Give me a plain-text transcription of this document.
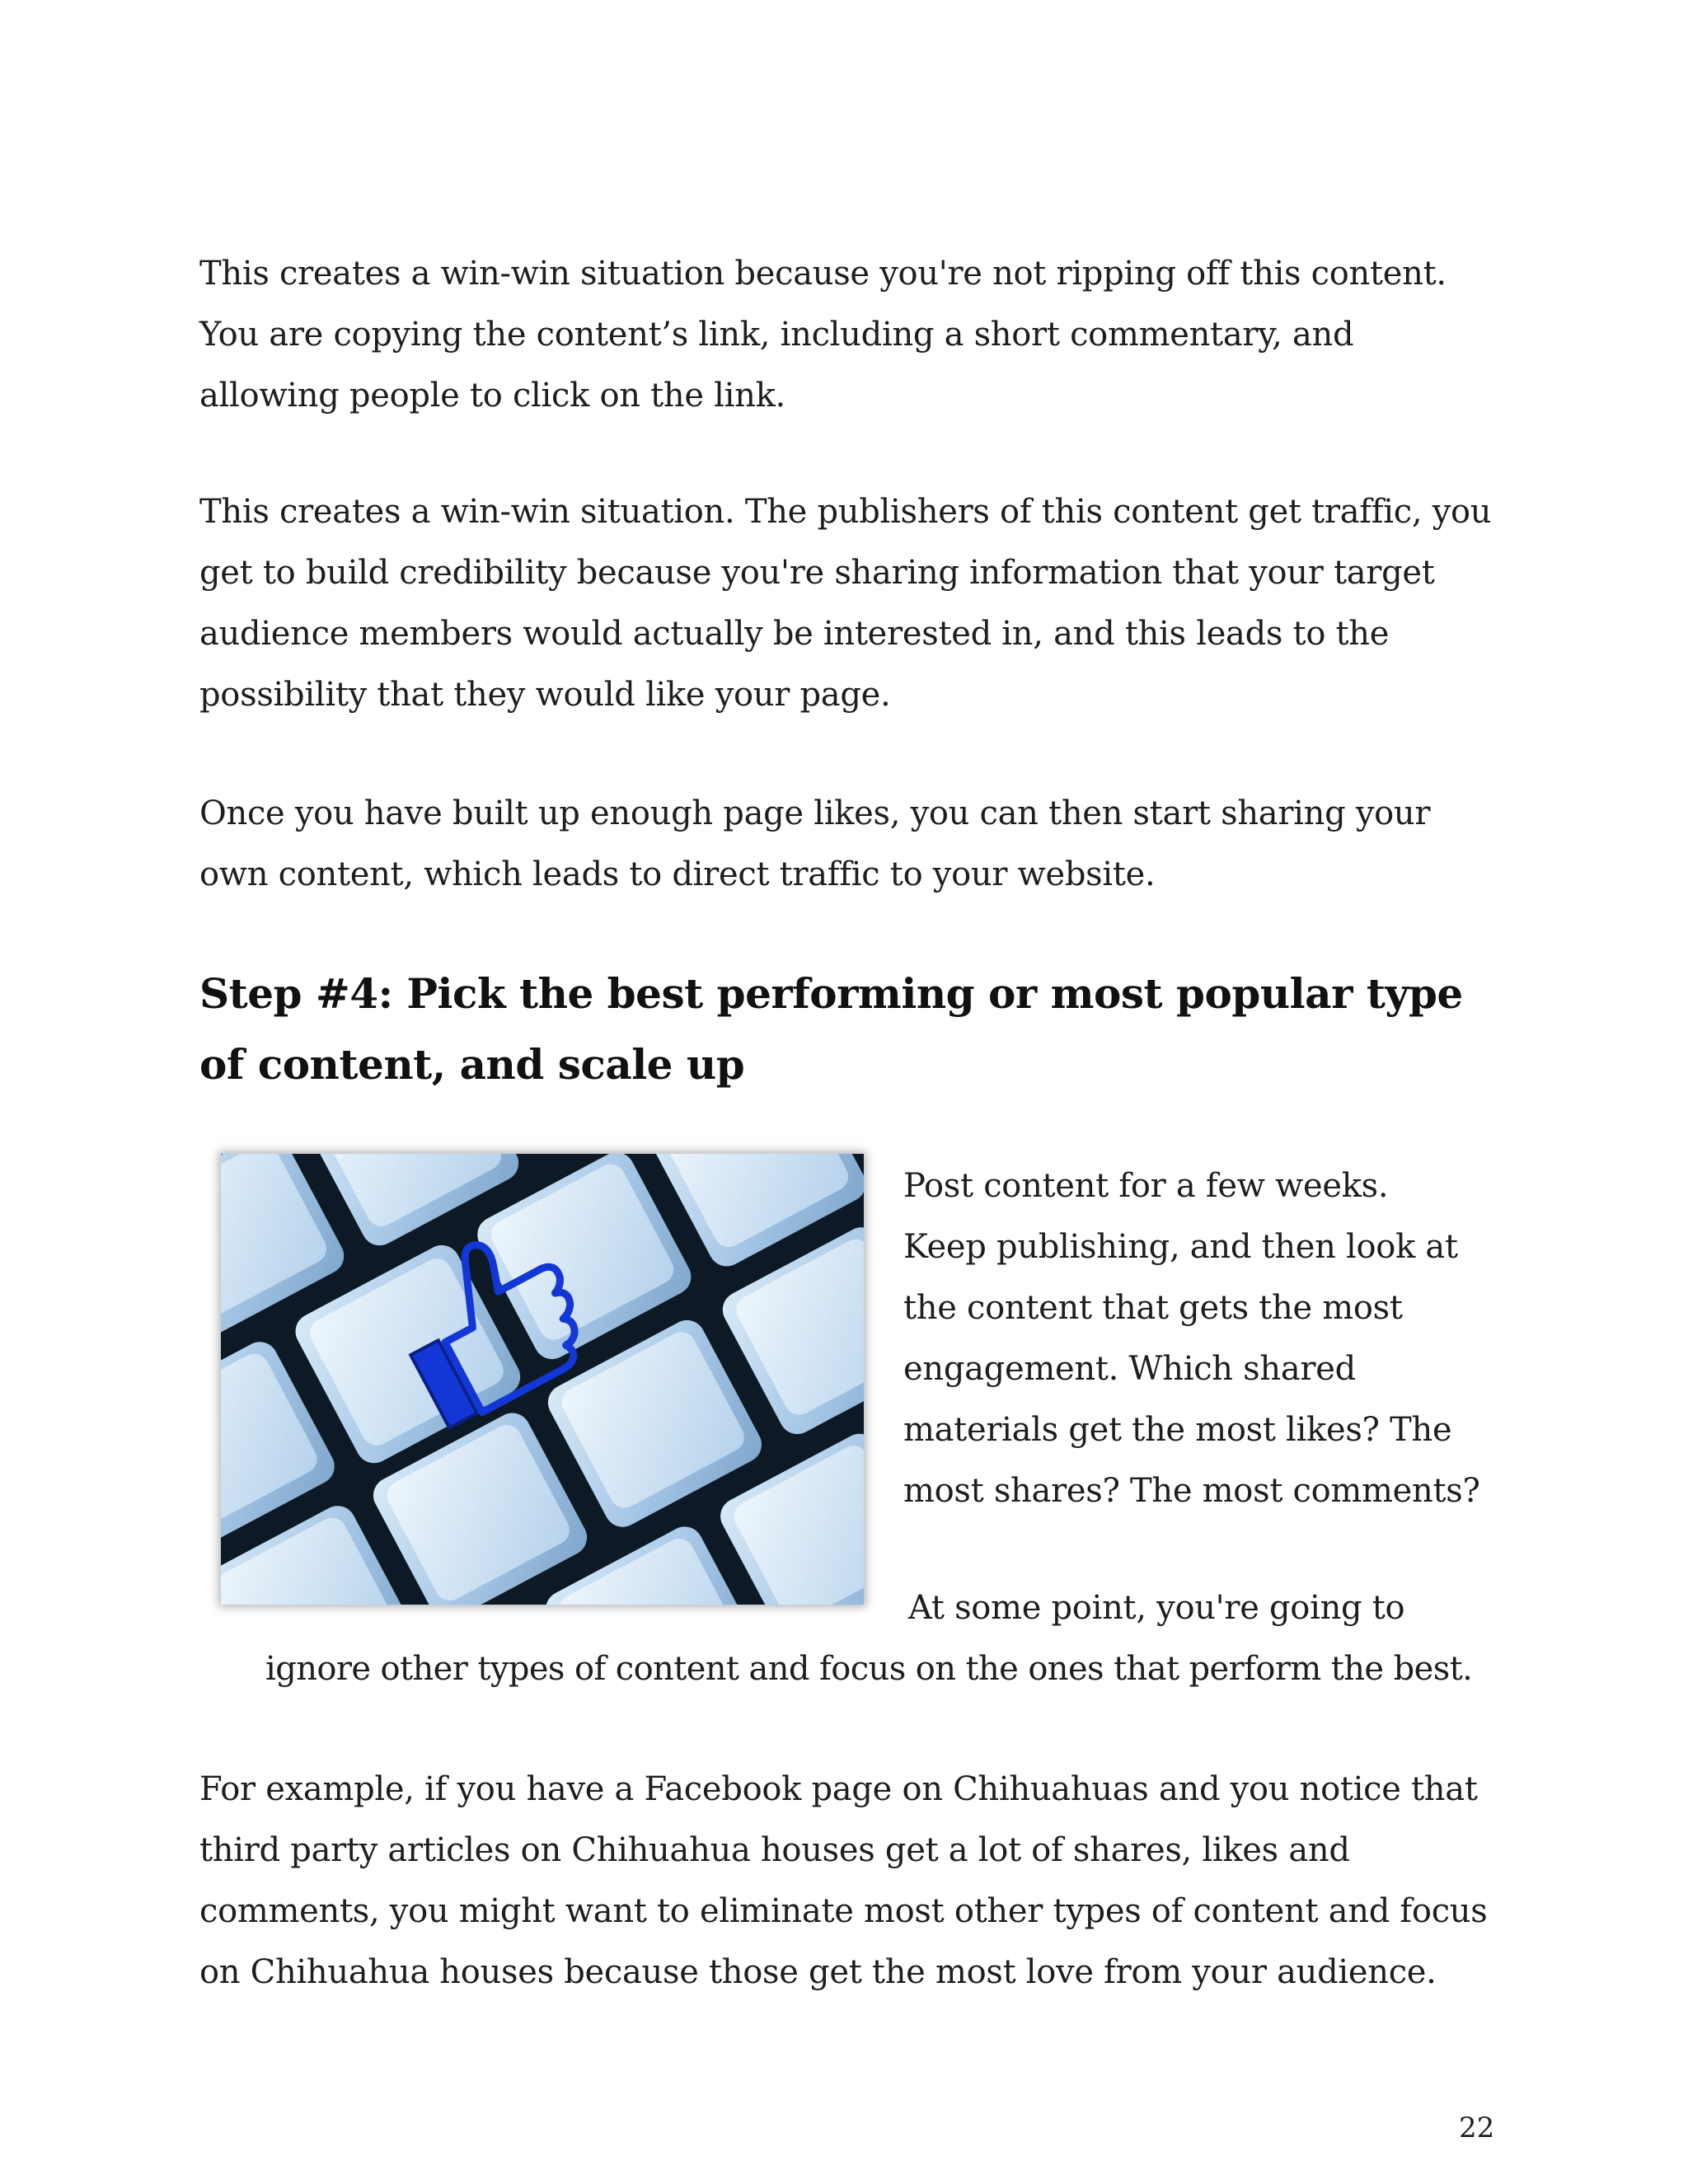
This creates a win-win situation because you're not ripping off this content. You are copying the content’s link, including a short commentary, and allowing people to click on the link.

This creates a win-win situation. The publishers of this content get traffic, you get to build credibility because you're sharing information that your target audience members would actually be interested in, and this leads to the possibility that they would like your page.

Once you have built up enough page likes, you can then start sharing your own content, which leads to direct traffic to your website.

Step #4: Pick the best performing or most popular type of content, and scale up

Post content for a few weeks. Keep publishing, and then look at the content that gets the most engagement. Which shared materials get the most likes? The most shares? The most comments?

At some point, you're going to

ignore other types of content and focus on the ones that perform the best.

For example, if you have a Facebook page on Chihuahuas and you notice that third party articles on Chihuahua houses get a lot of shares, likes and comments, you might want to eliminate most other types of content and focus on Chihuahua houses because those get the most love from your audience.

22
